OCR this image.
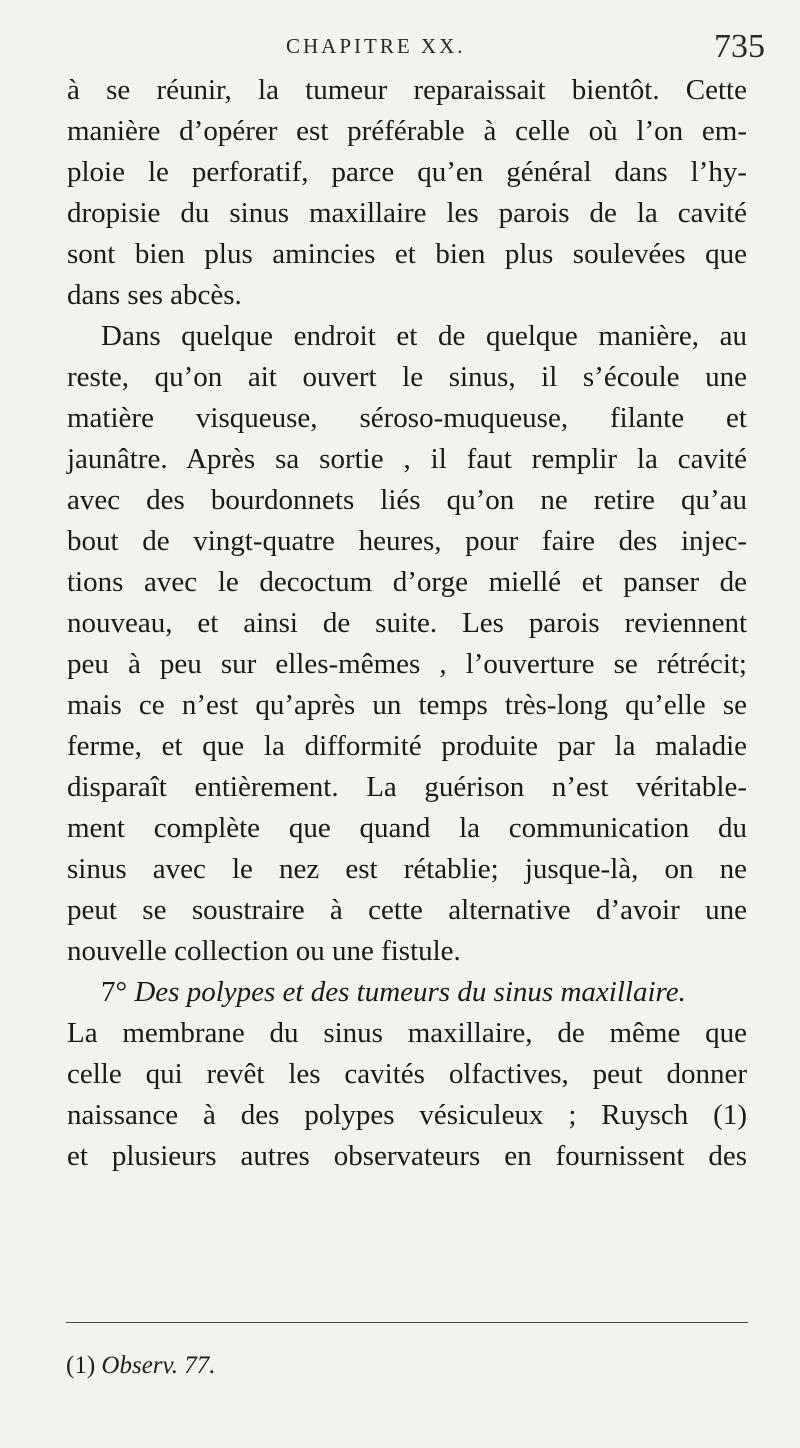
CHAPITRE XX.	735
à se réunir, la tumeur reparaissait bientôt. Cette
manière d’opérer est préférable à celle où l’on em-
ploie le perforatif, parce qu’en général dans l’hy-
dropisie du sinus maxillaire les parois de la cavité
sont bien plus amincies et bien plus soulevées que
dans ses abcès.
Dans quelque endroit et de quelque manière, au
reste, qu’on ait ouvert le sinus, il s’écoule une
matière visqueuse, séroso-muqueuse, filante et
jaunâtre. Après sa sortie , il faut remplir la cavité
avec des bourdonnets liés qu’on ne retire qu’au
bout de vingt-quatre heures, pour faire des injec-
tions avec le decoctum d’orge miellé et panser de
nouveau, et ainsi de suite. Les parois reviennent
peu à peu sur elles-mêmes , l’ouverture se rétrécit;
mais ce n’est qu’après un temps très-long qu’elle se
ferme, et que la difformité produite par la maladie
disparaît entièrement. La guérison n’est véritable-
ment complète que quand la communication du
sinus avec le nez est rétablie; jusque-là, on ne
peut se soustraire à cette alternative d’avoir une
nouvelle collection ou une fistule.
7° Des polypes et des tumeurs du sinus maxillaire.
La membrane du sinus maxillaire, de même que
celle qui revêt les cavités olfactives, peut donner
naissance à des polypes vésiculeux ; Ruysch (1)
et plusieurs autres observateurs en fournissent des
(1) Observ. 77.
